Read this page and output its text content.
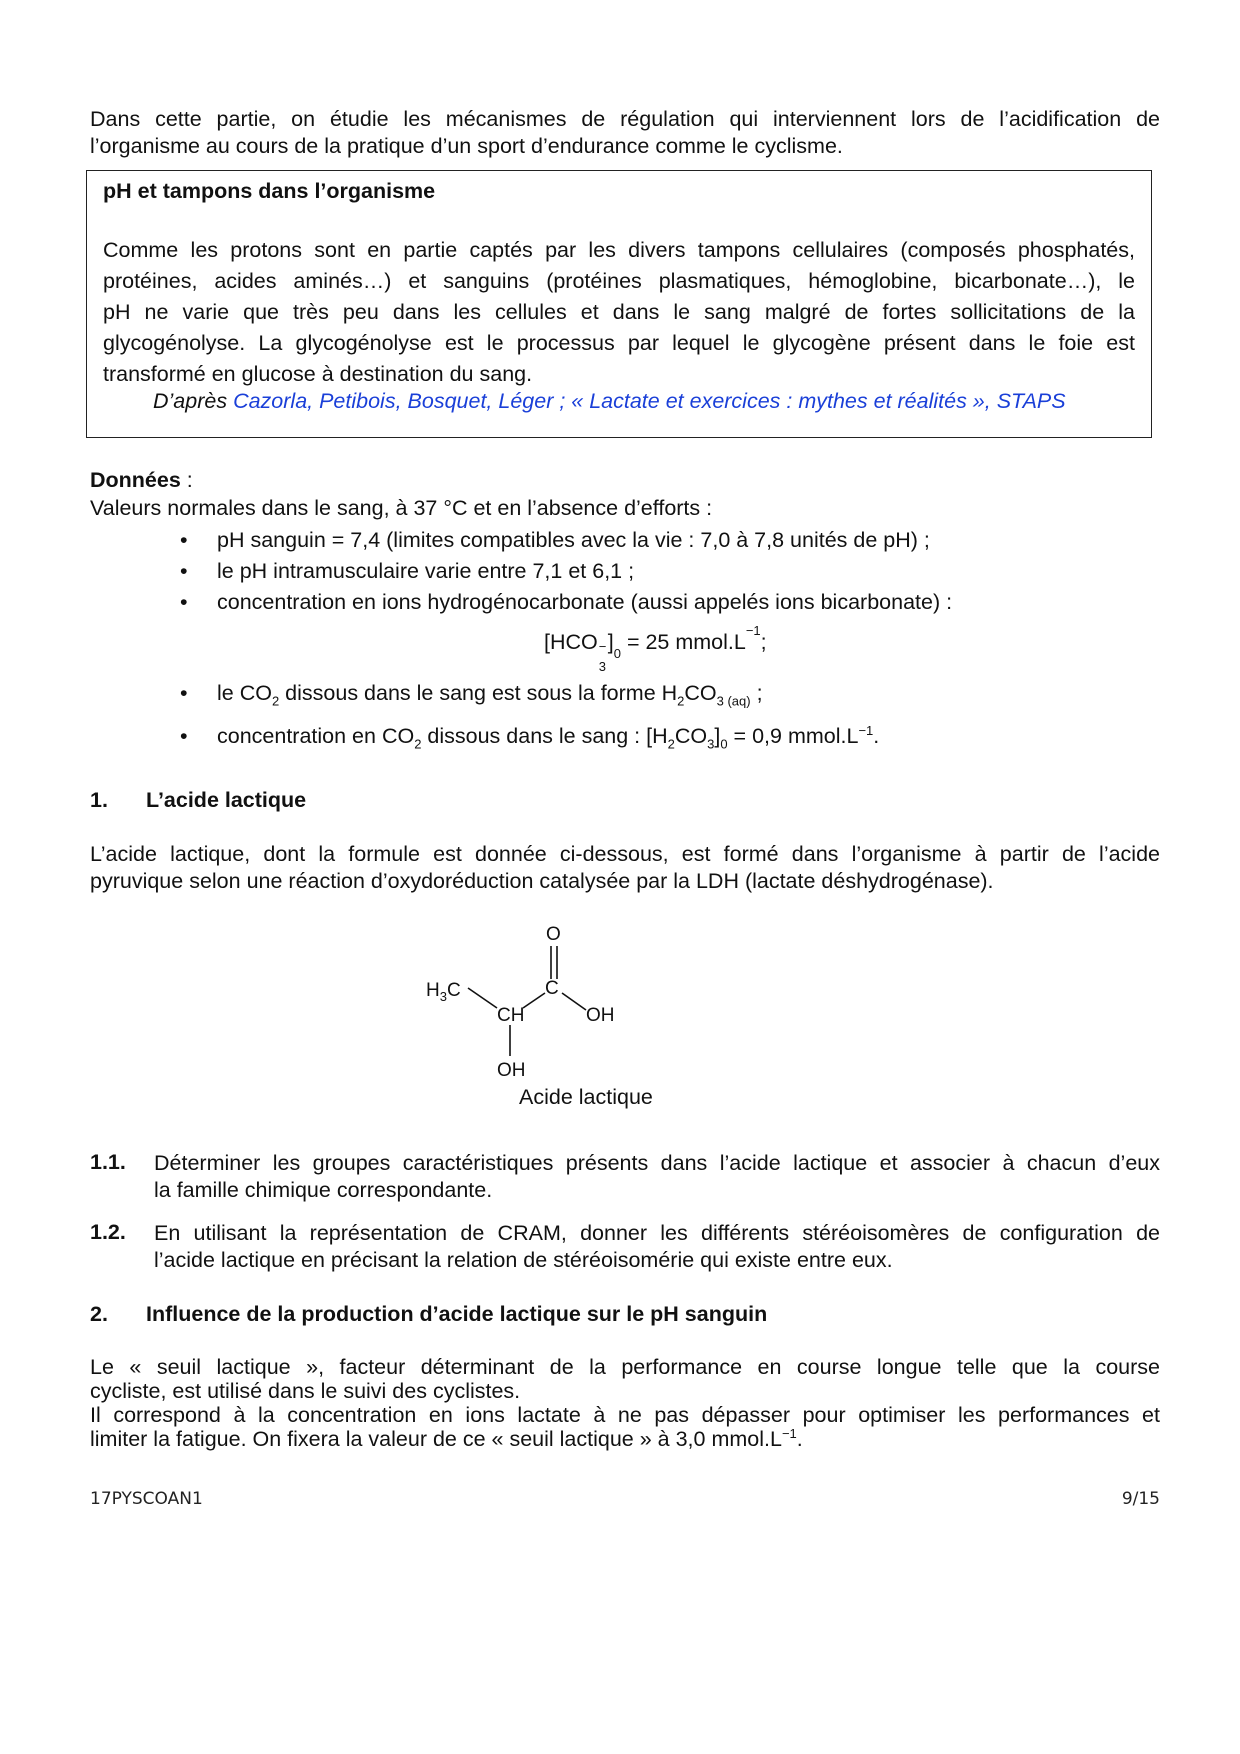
Dans cette partie, on étudie les mécanismes de régulation qui interviennent lors de l’acidification de
l’organisme au cours de la pratique d’un sport d’endurance comme le cyclisme.
pH et tampons dans l’organisme
Comme les protons sont en partie captés par les divers tampons cellulaires (composés phosphatés,
protéines, acides aminés…) et sanguins (protéines plasmatiques, hémoglobine, bicarbonate…), le
pH ne varie que très peu dans les cellules et dans le sang malgré de fortes sollicitations de la
glycogénolyse. La glycogénolyse est le processus par lequel le glycogène présent dans le foie est
transformé en glucose à destination du sang.
D’après Cazorla, Petibois, Bosquet, Léger ; « Lactate et exercices : mythes et réalités », STAPS
Données :
Valeurs normales dans le sang, à 37 °C et en l’absence d’efforts :
• pH sanguin = 7,4 (limites compatibles avec la vie : 7,0 à 7,8 unités de pH) ;
• le pH intramusculaire varie entre 7,1 et 6,1 ;
• concentration en ions hydrogénocarbonate (aussi appelés ions bicarbonate) :
[HCO −
3
]$_0 = 25$ $mmol.L^{-1}$;
• le $CO_2$ dissous dans le sang est sous la forme $H_2CO_{3 (aq)}$ ;
• concentration en $CO_2$ dissous dans le sang : $[H_2CO_3]_0 = 0,9$ $mmol.L^{-1}$.
1. L’acide lactique
L’acide lactique, dont la formule est donnée ci-dessous, est formé dans l’organisme à partir de l’acide
pyruvique selon une réaction d’oxydoréduction catalysée par la LDH (lactate déshydrogénase).
O
$H_3C$	C
CH	OH
OH
Acide lactique
1.1. Déterminer les groupes caractéristiques présents dans l’acide lactique et associer à chacun d’eux
la famille chimique correspondante.
1.2. En utilisant la représentation de CRAM, donner les différents stéréoisomères de configuration de
l’acide lactique en précisant la relation de stéréoisomérie qui existe entre eux.
2. Influence de la production d’acide lactique sur le pH sanguin
Le « seuil lactique », facteur déterminant de la performance en course longue telle que la course
cycliste, est utilisé dans le suivi des cyclistes.
Il correspond à la concentration en ions lactate à ne pas dépasser pour optimiser les performances et
limiter la fatigue. On fixera la valeur de ce « seuil lactique » à 3,0 $mmol.L^{-1}$.
17PYSCOAN1	9/15
